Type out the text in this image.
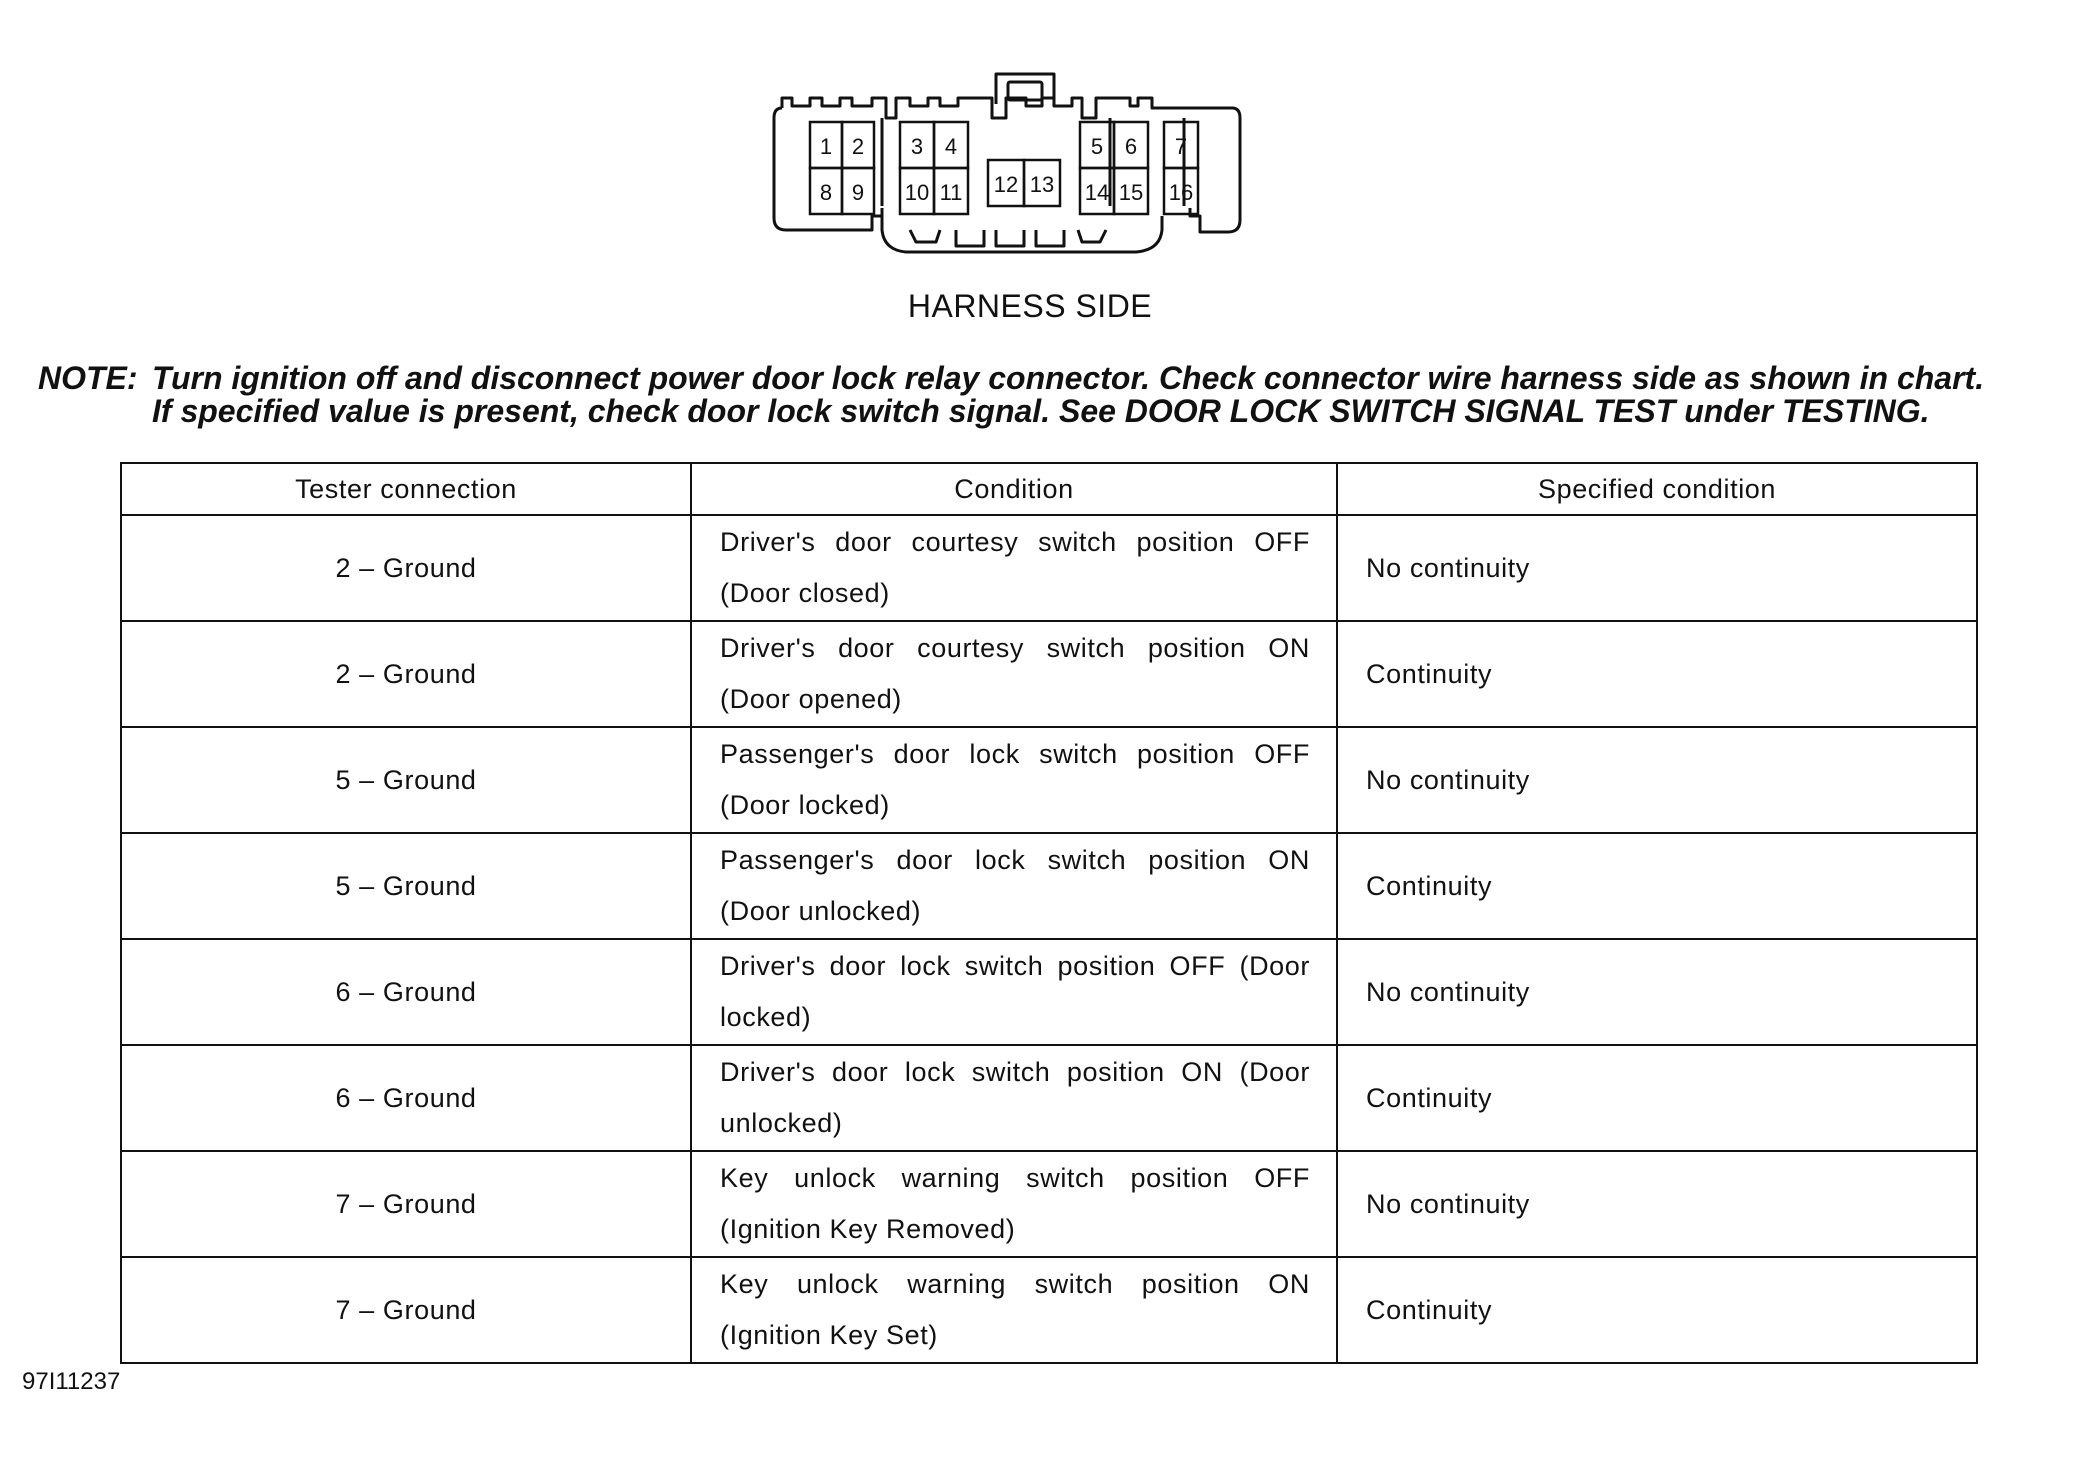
1 2 3 4	5 6 7
8 9 10 11 12 13 14 15 16
HARNESS SIDE
NOTE: Turn ignition off and disconnect power door lock relay connector. Check connector wire harness side as shown in chart.
If specified value is present, check door lock switch signal. See DOOR LOCK SWITCH SIGNAL TEST under TESTING.
Tester connection	Condition	Specified condition
2 – Ground	Driver's door courtesy switch position OFF (Door closed)	No continuity
2 – Ground	Driver's door courtesy switch position ON (Door opened)	Continuity
5 – Ground	Passenger's door lock switch position OFF (Door locked)	No continuity
5 – Ground	Passenger's door lock switch position ON (Door unlocked)	Continuity
6 – Ground	Driver's door lock switch position OFF (Door locked)	No continuity
6 – Ground	Driver's door lock switch position ON (Door unlocked)	Continuity
7 – Ground	Key unlock warning switch position OFF (Ignition Key Removed)	No continuity
7 – Ground	Key unlock warning switch position ON (Ignition Key Set)	Continuity
97I11237
